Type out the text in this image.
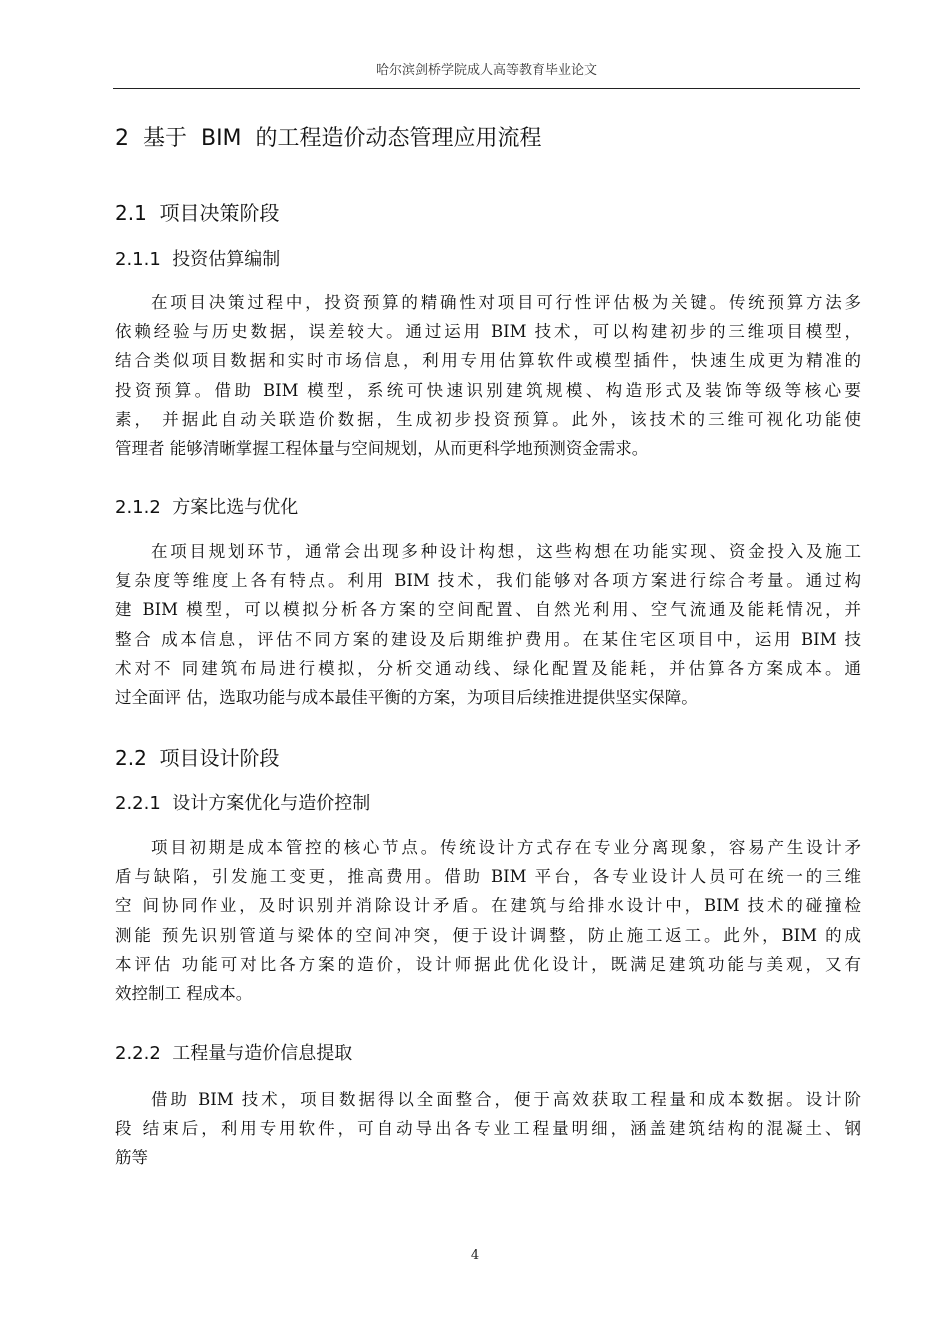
哈尔滨剑桥学院成人高等教育毕业论文
2  基于  BIM  的工程造价动态管理应用流程
2.1  项目决策阶段
2.1.1  投资估算编制
在项目决策过程中，投资预算的精确性对项目可行性评估极为关键。传统预算方法多
依赖经验与历史数据，误差较大。通过运用 BIM 技术，可以构建初步的三维项目模型，
结合类似项目数据和实时市场信息，利用专用估算软件或模型插件，快速生成更为精准的
投资预算。借助 BIM 模型，系统可快速识别建筑规模、构造形式及装饰等级等核心要
素， 并据此自动关联造价数据，生成初步投资预算。此外，该技术的三维可视化功能使
管理者 能够清晰掌握工程体量与空间规划，从而更科学地预测资金需求。
2.1.2  方案比选与优化
在项目规划环节，通常会出现多种设计构想，这些构想在功能实现、资金投入及施工
复杂度等维度上各有特点。利用 BIM 技术，我们能够对各项方案进行综合考量。通过构
建 BIM 模型，可以模拟分析各方案的空间配置、自然光利用、空气流通及能耗情况，并
整合 成本信息，评估不同方案的建设及后期维护费用。在某住宅区项目中，运用 BIM 技
术对不 同建筑布局进行模拟，分析交通动线、绿化配置及能耗，并估算各方案成本。通
过全面评 估，选取功能与成本最佳平衡的方案，为项目后续推进提供坚实保障。
2.2  项目设计阶段
2.2.1  设计方案优化与造价控制
项目初期是成本管控的核心节点。传统设计方式存在专业分离现象，容易产生设计矛
盾与缺陷，引发施工变更，推高费用。借助 BIM 平台，各专业设计人员可在统一的三维
空 间协同作业，及时识别并消除设计矛盾。在建筑与给排水设计中，BIM 技术的碰撞检
测能 预先识别管道与梁体的空间冲突，便于设计调整，防止施工返工。此外，BIM 的成
本评估 功能可对比各方案的造价，设计师据此优化设计，既满足建筑功能与美观，又有
效控制工 程成本。
2.2.2  工程量与造价信息提取
借助 BIM 技术，项目数据得以全面整合，便于高效获取工程量和成本数据。设计阶
段 结束后，利用专用软件，可自动导出各专业工程量明细，涵盖建筑结构的混凝土、钢
筋等
4
